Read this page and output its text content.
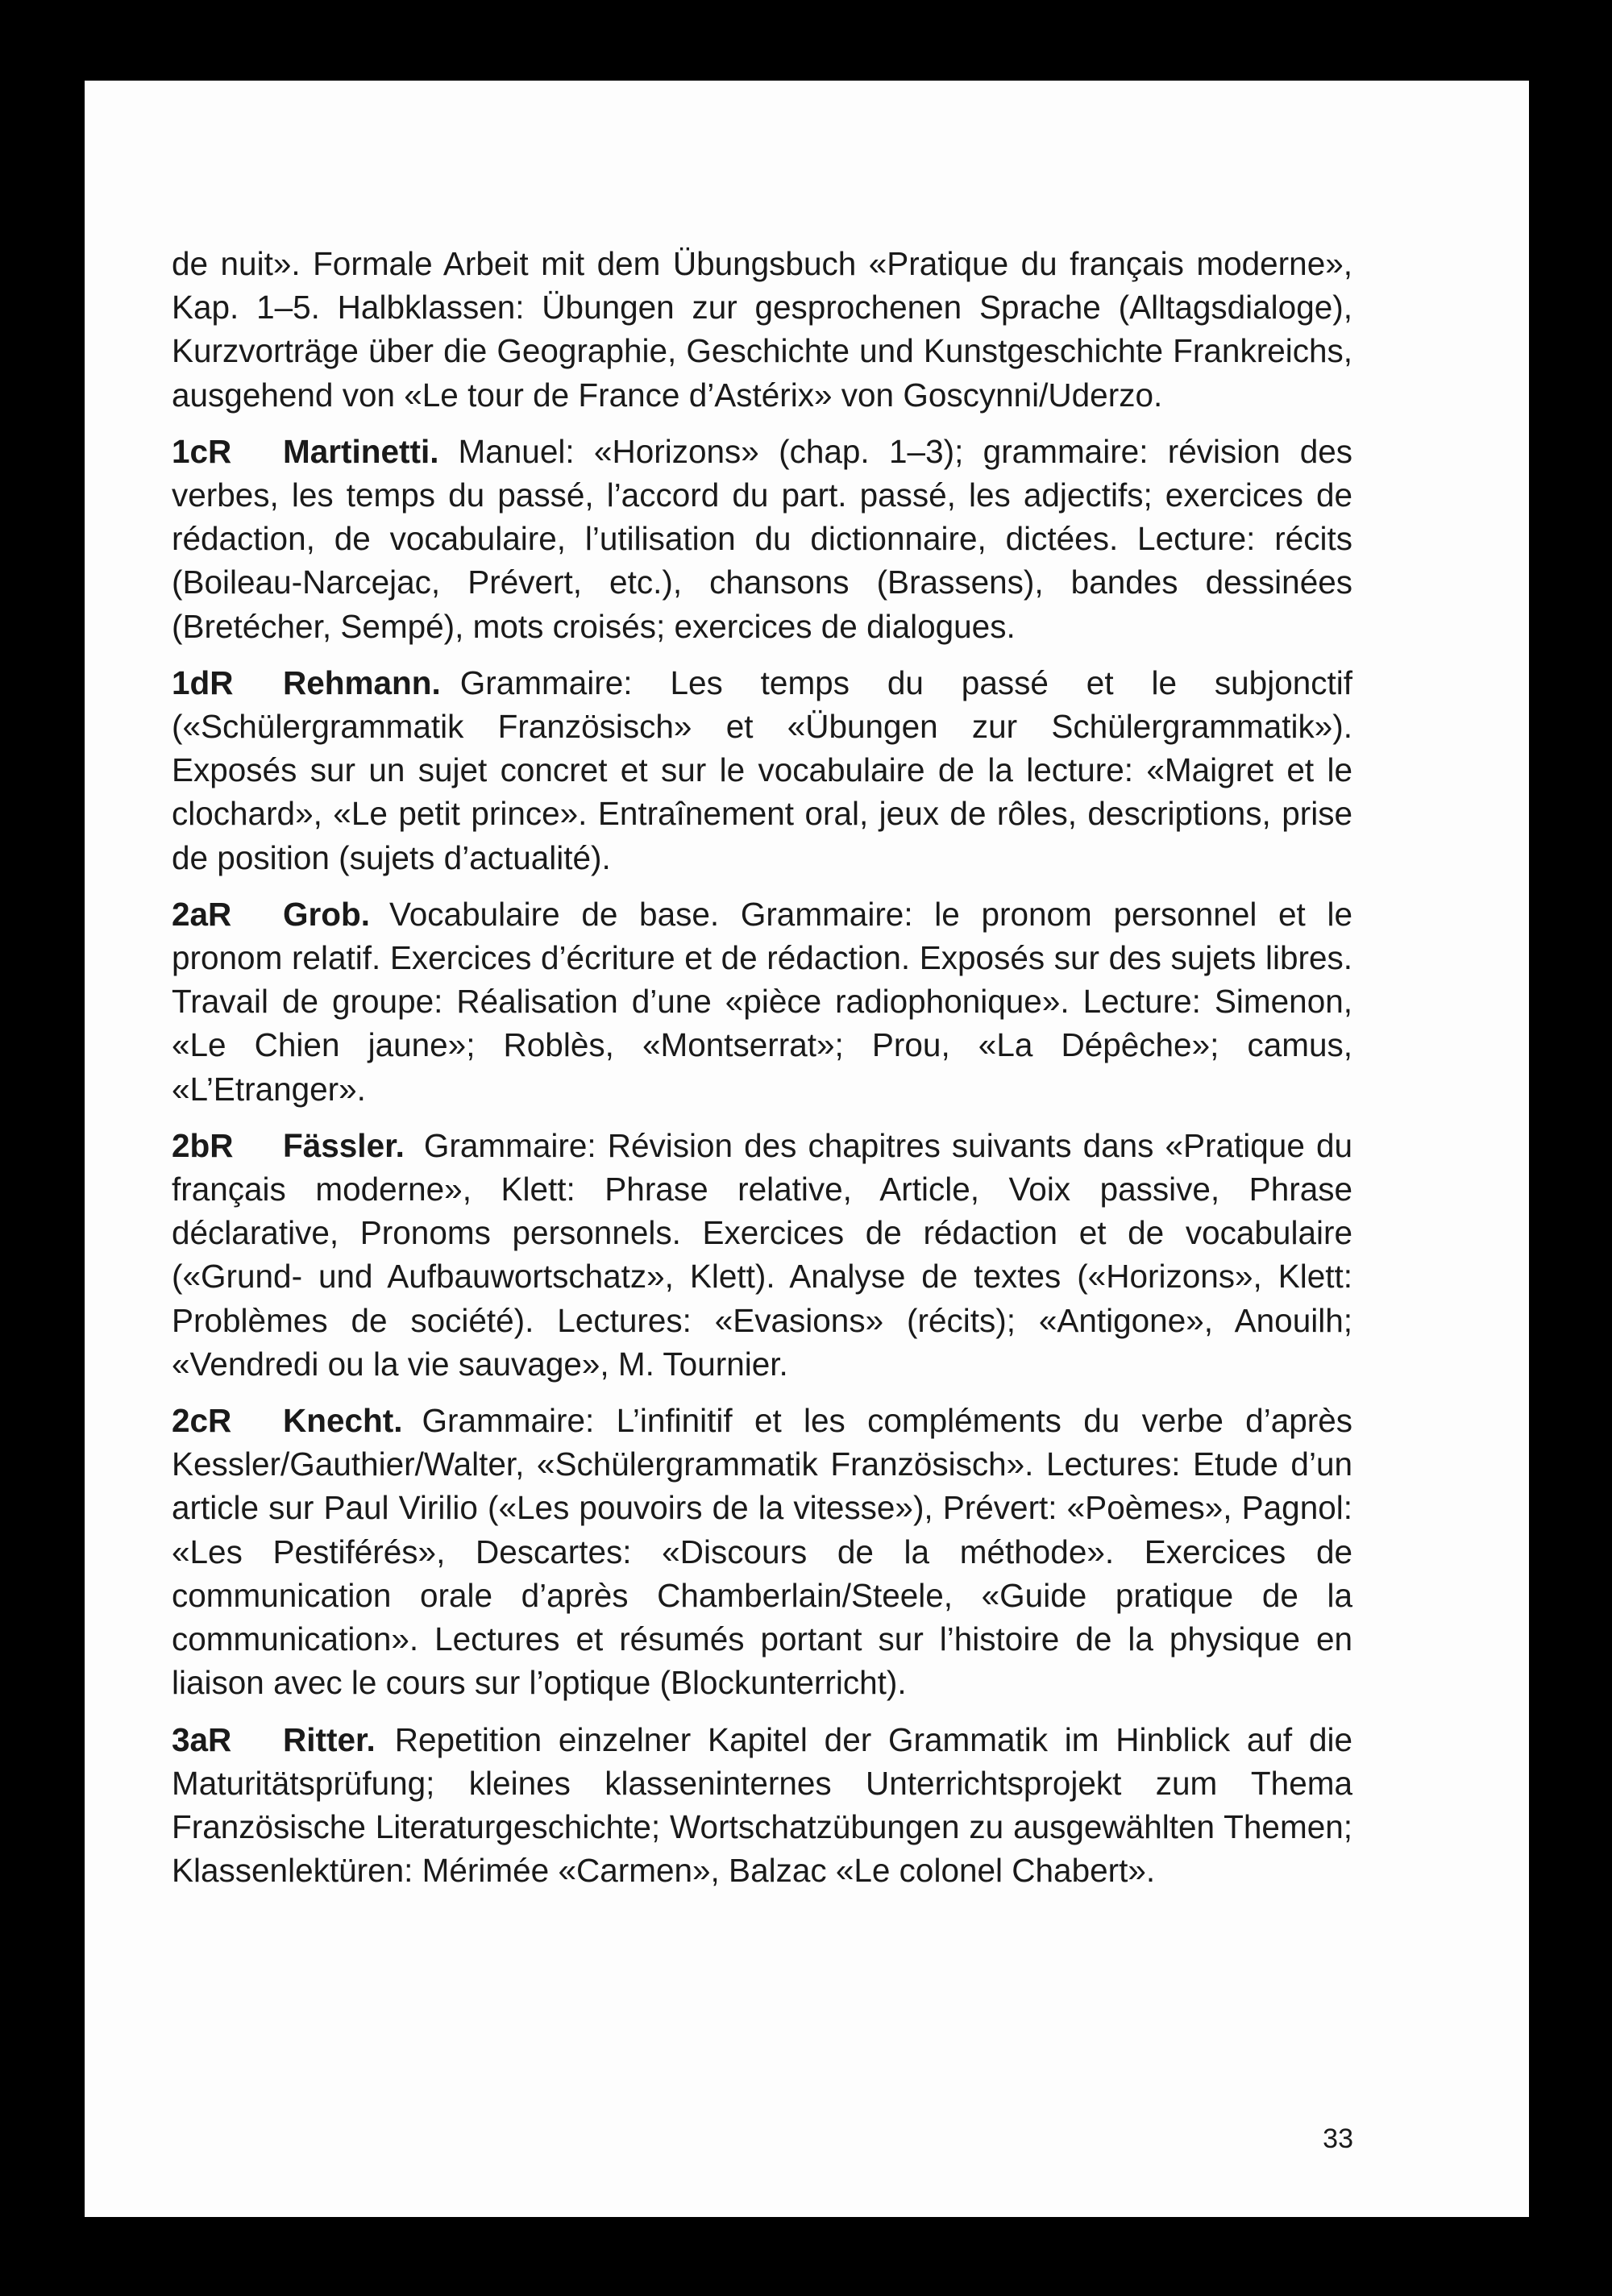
de nuit». Formale Arbeit mit dem Übungsbuch «Pratique du français moderne», Kap. 1–5. Halbklassen: Übungen zur gesprochenen Sprache (Alltagsdialoge), Kurzvorträge über die Geographie, Geschichte und Kunstgeschichte Frankreichs, ausgehend von «Le tour de France d’Astérix» von Goscynni/Uderzo.

1cR Martinetti. Manuel: «Horizons» (chap. 1–3); grammaire: révision des verbes, les temps du passé, l’accord du part. passé, les adjectifs; exercices de rédaction, de vocabulaire, l’utilisation du dictionnaire, dictées. Lecture: récits (Boileau-Narcejac, Prévert, etc.), chansons (Brassens), bandes dessinées (Bretécher, Sempé), mots croisés; exercices de dialogues.

1dR Rehmann. Grammaire: Les temps du passé et le subjonctif («Schülergrammatik Französisch» et «Übungen zur Schülergrammatik»). Exposés sur un sujet concret et sur le vocabulaire de la lecture: «Maigret et le clochard», «Le petit prince». Entraînement oral, jeux de rôles, descriptions, prise de position (sujets d’actualité).

2aR Grob. Vocabulaire de base. Grammaire: le pronom personnel et le pronom relatif. Exercices d’écriture et de rédaction. Exposés sur des sujets libres. Travail de groupe: Réalisation d’une «pièce radiophonique». Lecture: Simenon, «Le Chien jaune»; Roblès, «Montserrat»; Prou, «La Dépêche»; camus, «L’Etranger».

2bR Fässler. Grammaire: Révision des chapitres suivants dans «Pratique du français moderne», Klett: Phrase relative, Article, Voix passive, Phrase déclarative, Pronoms personnels. Exercices de rédaction et de vocabulaire («Grund- und Aufbauwortschatz», Klett). Analyse de textes («Horizons», Klett: Problèmes de société). Lectures: «Evasions» (récits); «Antigone», Anouilh; «Vendredi ou la vie sauvage», M. Tournier.

2cR Knecht. Grammaire: L’infinitif et les compléments du verbe d’après Kessler/Gauthier/Walter, «Schülergrammatik Französisch». Lectures: Etude d’un article sur Paul Virilio («Les pouvoirs de la vitesse»), Prévert: «Poèmes», Pagnol: «Les Pestiférés», Descartes: «Discours de la méthode». Exercices de communication orale d’après Chamberlain/Steele, «Guide pratique de la communication». Lectures et résumés portant sur l’histoire de la physique en liaison avec le cours sur l’optique (Blockunterricht).

3aR Ritter. Repetition einzelner Kapitel der Grammatik im Hinblick auf die Maturitätsprüfung; kleines klasseninternes Unterrichtsprojekt zum Thema Französische Literaturgeschichte; Wortschatzübungen zu ausgewählten Themen; Klassenlektüren: Mérimée «Carmen», Balzac «Le colonel Chabert».

33
